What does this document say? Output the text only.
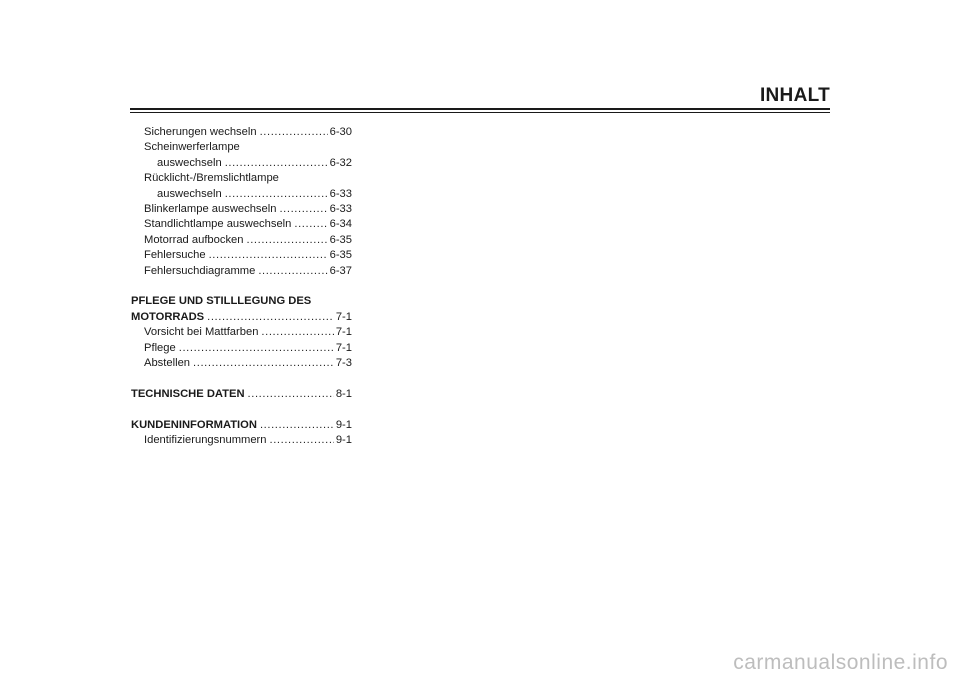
INHALT
Sicherungen wechseln .....	6-30
Scheinwerferlampe
auswechseln .....	6-32
Rücklicht-/Bremslichtlampe
auswechseln .....	6-33
Blinkerlampe auswechseln .....	6-33
Standlichtlampe auswechseln .....	6-34
Motorrad aufbocken .....	6-35
Fehlersuche .....	6-35
Fehlersuchdiagramme .....	6-37
PFLEGE UND STILLLEGUNG DES
MOTORRADS .....	7-1
Vorsicht bei Mattfarben .....	7-1
Pflege .....	7-1
Abstellen .....	7-3
TECHNISCHE DATEN .....	8-1
KUNDENINFORMATION .....	9-1
Identifizierungsnummern .....	9-1
carmanualsonline.info
